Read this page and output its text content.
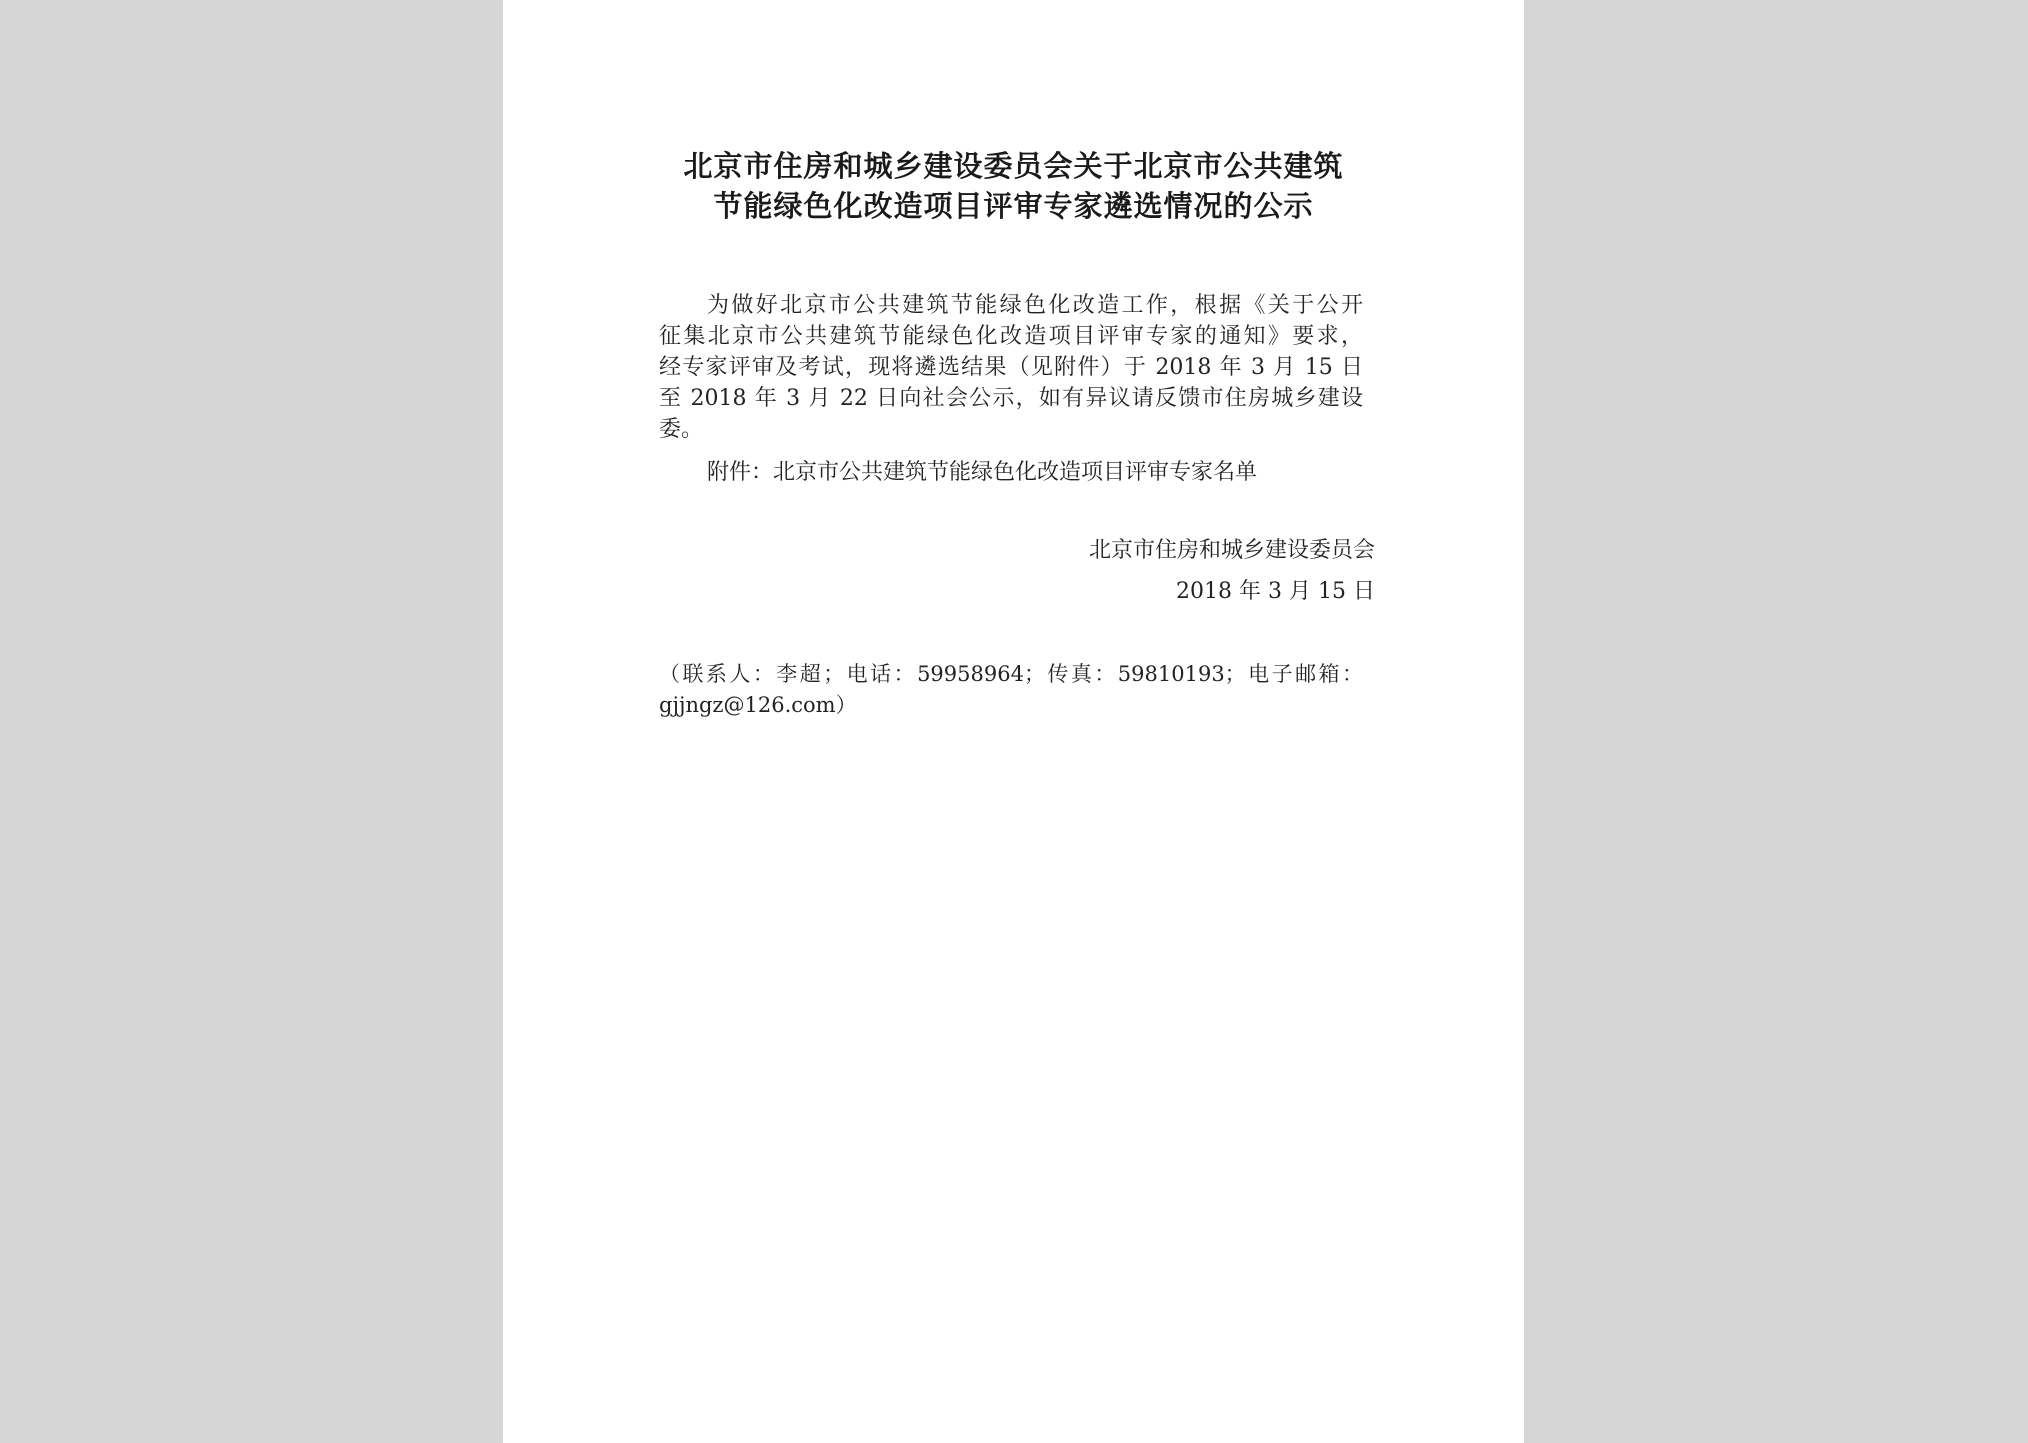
北京市住房和城乡建设委员会关于北京市公共建筑
节能绿色化改造项目评审专家遴选情况的公示
为做好北京市公共建筑节能绿色化改造工作，根据《关于公开
征集北京市公共建筑节能绿色化改造项目评审专家的通知》要求，
经专家评审及考试，现将遴选结果（见附件）于 2018 年 3 月 15 日
至 2018 年 3 月 22 日向社会公示，如有异议请反馈市住房城乡建设
委。
附件：北京市公共建筑节能绿色化改造项目评审专家名单
北京市住房和城乡建设委员会
2018 年 3 月 15 日
（联系人：李超；电话：59958964；传真：59810193；电子邮箱：
gjjngz@126.com）
